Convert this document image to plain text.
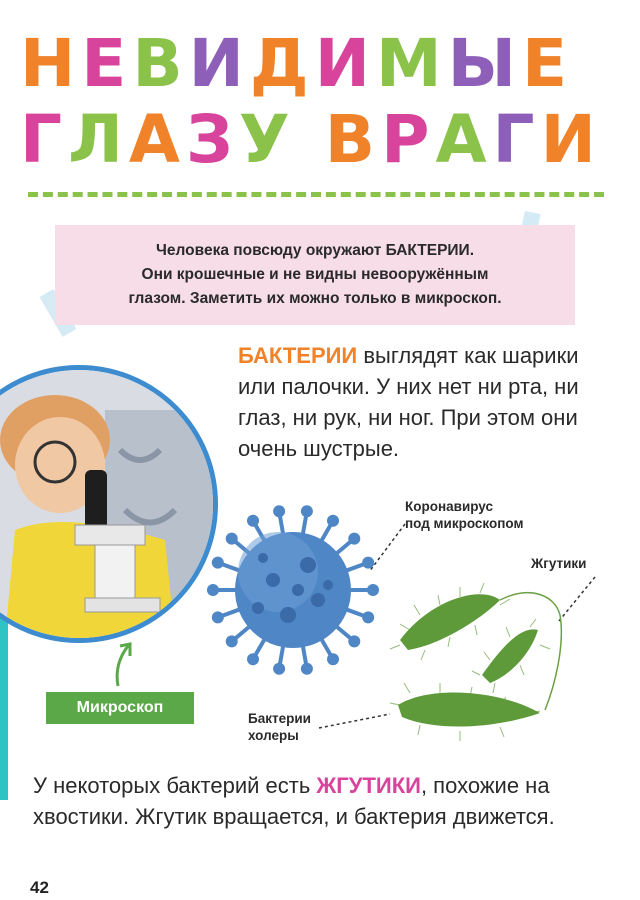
НЕВИДИМЫЕ
ГЛАЗУ ВРАГИ

Человека повсюду окружают БАКТЕРИИ.
Они крошечные и не видны невооружённым
глазом. Заметить их можно только в микроскоп.

БАКТЕРИИ выглядят как шарики или палочки. У них нет ни рта, ни глаз, ни рук, ни ног. При этом они очень шустрые.
Микроскоп
Коронавирус
под микроскопом
Жгутики
Бактерии
холеры
У некоторых бактерий есть ЖГУТИКИ, похожие на хвостики. Жгутик вращается, и бактерия движется.
42
